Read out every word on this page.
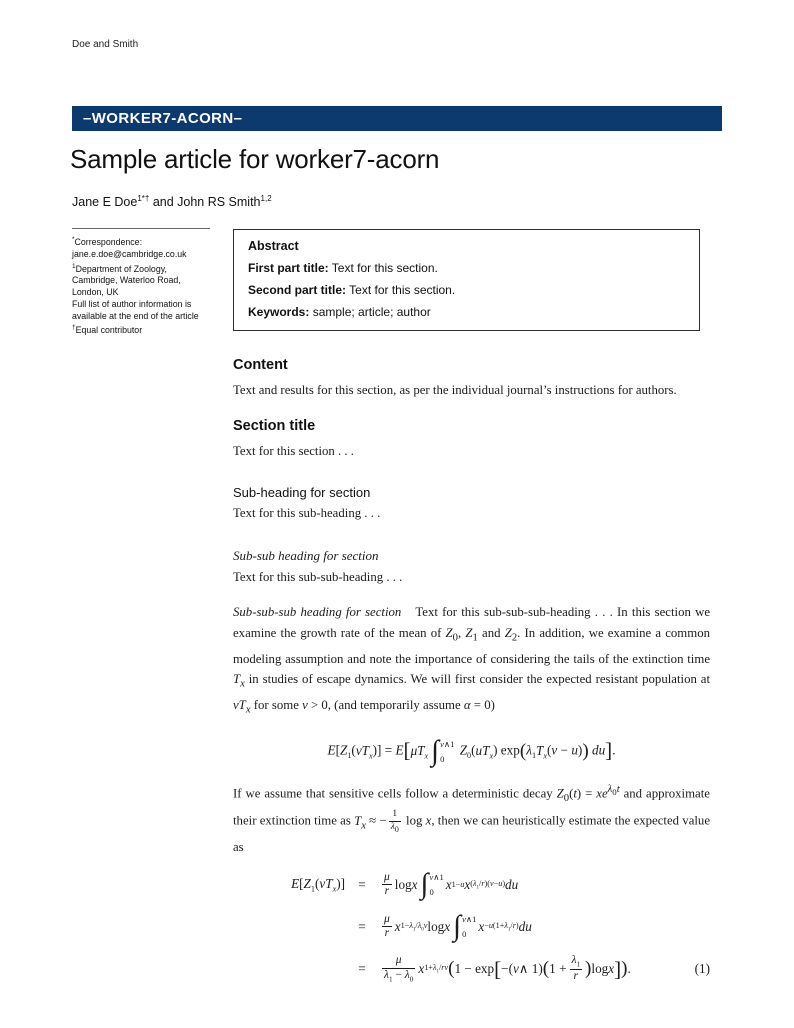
Doe and Smith
–WORKER7-ACORN–
Sample article for worker7-acorn
Jane E Doe$^{1*\dagger}$ and John RS Smith$^{1,2}$
*Correspondence:
jane.e.doe@cambridge.co.uk
$^1$Department of Zoology,
Cambridge, Waterloo Road,
London, UK
Full list of author information is
available at the end of the article
†Equal contributor
Abstract
First part title: Text for this section.
Second part title: Text for this section.
Keywords: sample; article; author
Content

Text and results for this section, as per the individual journal’s instructions for authors.

Section title

Text for this section . . .

Sub-heading for section

Text for this sub-heading . . .

Sub-sub heading for section

Text for this sub-sub-heading . . .

Sub-sub-sub heading for section Text for this sub-sub-sub-heading . . . In this section we examine the growth rate of the mean of $Z_0$, $Z_1$ and $Z_2$. In addition, we examine a common modeling assumption and note the importance of considering the tails of the extinction time $T_x$ in studies of escape dynamics. We will first consider the expected resistant population at $vT_x$ for some v > 0, (and temporarily assume α = 0)

$E[Z_1(vT_x)] = E[\mu T_x$ ∫ v∧1
0
$Z_0(uT_x) \exp(\lambda_1T_x(v - u))$ du].

If we assume that sensitive cells follow a deterministic decay $Z_0(t) = xe^{\lambda_0t}$ and approximate their extinction time as $T_x$ ≈ − $\frac{1}{\lambda_0}$ log x, then we can heuristically estimate the expected value as

$E[Z_1(vT_x)]$	=	$\frac{\mu}{r}$ log x ∫ v∧1
0 x 1−u x $(\lambda_1/r)(v-u)$ du
=	$\frac{\mu}{r}$ x $1-\lambda_1/\lambda_0v$ log x ∫ v∧1
0 $x -u(1+\lambda_1/r)$ du
=	$\frac{\mu}{\lambda_1 - \lambda_0}$ x $1+\lambda_1/rv$ ( 1 − exp [ −( v ∧ 1) ( $1 + \frac{\lambda_1}{r}$ ) log x ] ) .	(1)
